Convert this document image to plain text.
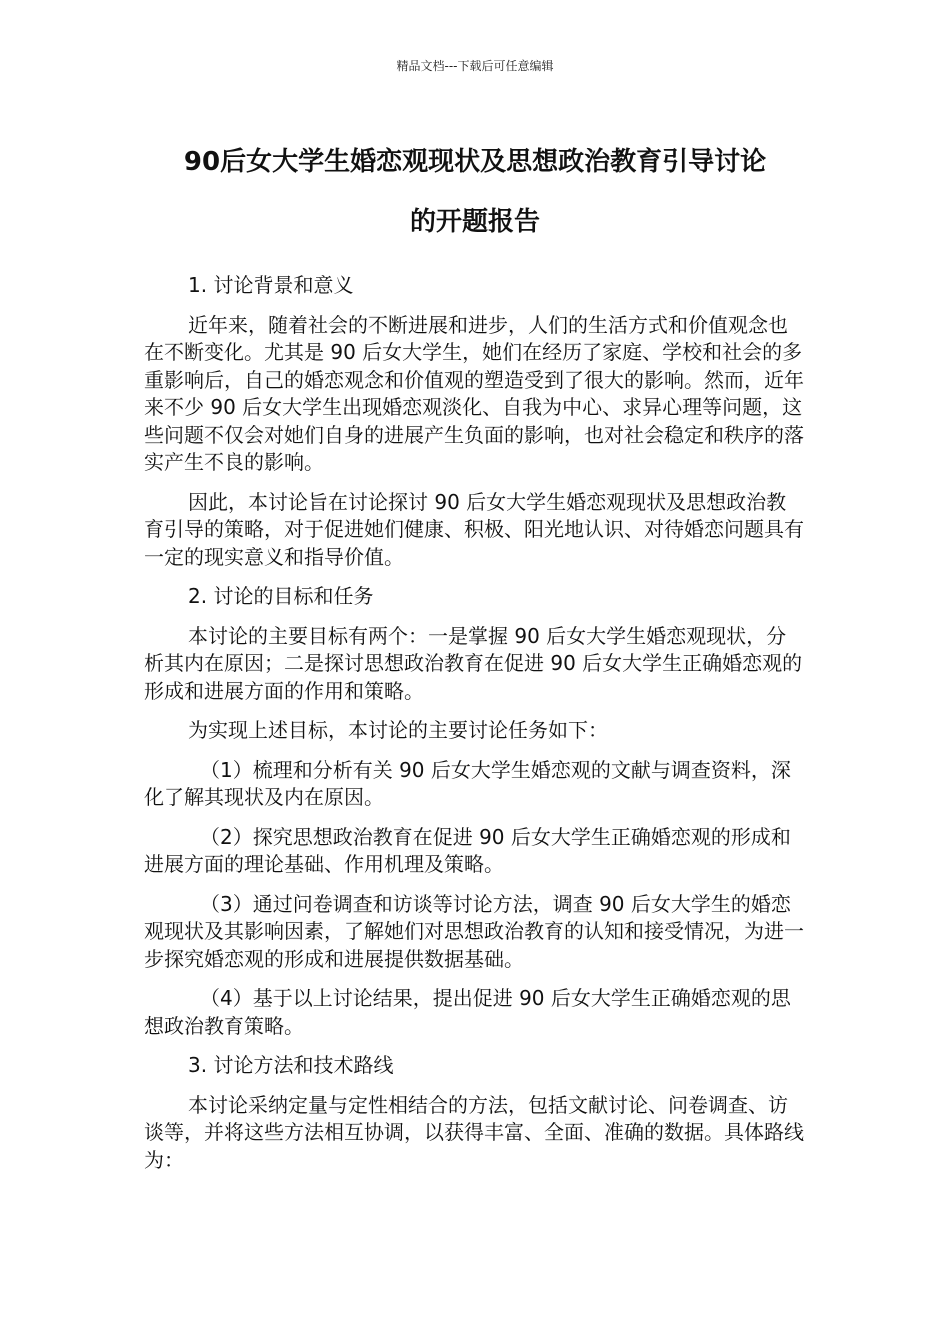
精品文档---下载后可任意编辑
90后女大学生婚恋观现状及思想政治教育引导讨论
的开题报告

1. 讨论背景和意义

近年来，随着社会的不断进展和进步，人们的生活方式和价值观念也在不断变化。尤其是 90 后女大学生，她们在经历了家庭、学校和社会的多重影响后，自己的婚恋观念和价值观的塑造受到了很大的影响。然而，近年来不少 90 后女大学生出现婚恋观淡化、自我为中心、求异心理等问题，这些问题不仅会对她们自身的进展产生负面的影响，也对社会稳定和秩序的落实产生不良的影响。

因此，本讨论旨在讨论探讨 90 后女大学生婚恋观现状及思想政治教育引导的策略，对于促进她们健康、积极、阳光地认识、对待婚恋问题具有一定的现实意义和指导价值。

2. 讨论的目标和任务

本讨论的主要目标有两个：一是掌握 90 后女大学生婚恋观现状，分析其内在原因；二是探讨思想政治教育在促进 90 后女大学生正确婚恋观的形成和进展方面的作用和策略。

为实现上述目标，本讨论的主要讨论任务如下：

（1）梳理和分析有关 90 后女大学生婚恋观的文献与调查资料，深化了解其现状及内在原因。

（2）探究思想政治教育在促进 90 后女大学生正确婚恋观的形成和进展方面的理论基础、作用机理及策略。

（3）通过问卷调查和访谈等讨论方法，调查 90 后女大学生的婚恋观现状及其影响因素，了解她们对思想政治教育的认知和接受情况，为进一步探究婚恋观的形成和进展提供数据基础。

（4）基于以上讨论结果，提出促进 90 后女大学生正确婚恋观的思想政治教育策略。

3. 讨论方法和技术路线

本讨论采纳定量与定性相结合的方法，包括文献讨论、问卷调查、访谈等，并将这些方法相互协调，以获得丰富、全面、准确的数据。具体路线为：
